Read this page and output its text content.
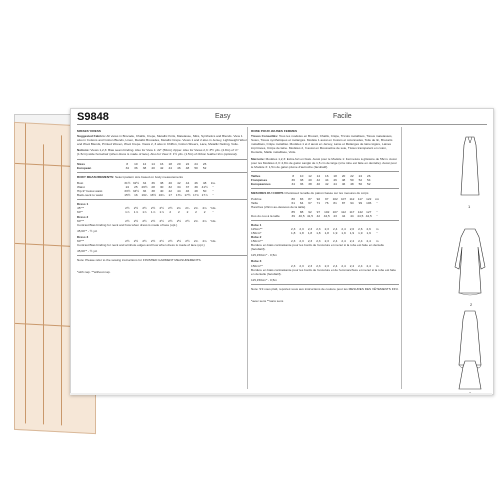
S9848	Easy	Facile
MISSES' DRESS
Suggested Fabrics: All views in Brocade, Challis, Crepe, Metallic Knits, Matelasse, Silks, Synthetics and Blends. View 1 also in Cottons and Cotton Blends, Linen, Metallic Brocades, Metallic Crepe. Views 1 and 2 also in Jersey, Lightweight Wool and Wool Blends, Printed Woven, Wool Crepe. Views 2, 3 also in Chiffon, Cotton Sheers, Lace, Metallic Netting, Voile.
Notions: Views 1,2,3: Bias seam binding. Also for View 1: 22" (56cm) zipper. Also for Views 2,3: 3⅘ yds. (2.8m) of ⅝" (1.5cm) wide horsehair (when dress is made of lace). Also for View 3: 1½ yds. (1.5m) of ribbon feather trim (optional).
Sizes	8	10	12	14	16	18	20	22	24	26
European	34	36	38	40	42	44	46	48	50	52
BODY MEASUREMENTS: Select pattern size based on body measurements
Bust	31½ 32½	34	36	38	40	42	44	46	48	Ins.
Waist	24	25	26½	28	30	32	34	37	39	41½	"
Hip-9" below waist	33½ 34½	36	38	40	42	44	46	48	50	"
Back-neck to waist	15½	16	16¼ 16½ 16¾	17	17¼ 17½ 17¾ 17⅞	"
Dress 1
45"**	2½	2½	2½	2½	2½	2½	2¾	2¾	2¾	2¾	Yds.
60"*	1⅞	1⅞	1⅞	1⅞	1⅞	2	2	2	2	2	"
Dress 2
60"**	2½	2½	2½	2½	2½	2½	2½	2½	2¾	2¾	Yds.
Contrast Bias binding for neck and how when dress is made of lace (opt.)
45,60"* - ½ yd.
Dress 3
60"**	2½	2½	2½	2½	2½	2½	2½	2½	2¾	2¾	Yds.
Contrast Bias binding for neck and armhole edges and how when dress is made of lace (opt.)
45,60"* - ½ yd.
Note: Please refer to the sewing instructions for FINISHED GARMENT MEASUREMENTS.
*with nap. **without nap.
ROBE POUR JEUNES FEMMES
Tissus Conseillés: Tous les modèles en Brocart, Challis, Crêpe, Tricots métallisés, Tissus matelassés, Soies, Tissus synthétiques et mélangés. Modèle 1 aussi en Cotons et cotonnades, Toile de lin, Brocarts métallisés, Crêpe métallisé. Modèles 1 et 2 aussi en Jersey, Laine et Mélanges de laine légère, Laines imprimées, Crêpe de laine. Modèles 2, 3 aussi en Mousseline de soie, Tissus transparent en coton, Dentelle, Maille métallisée, Voile.
Mercerie: Modèles 1,2,3: Extra-fort en biais. Aussi pour le Modèle 1: Fermeture à glissière de 56cm. Aussi pour les Modèles 2,3: 2,8m de galon sanglé de 1,5 cm de large (si la robe est faite en dentelle). Aussi pour le Modèle 3: 1,5m de galon plume d'autruche (facultatif).
Tailles	8	10	12	14	16	18	20	22	24	26
Françaises	36	38	40	42	44	46	48	50	52	54
Européennes	34	36	38	40	42	44	46	48	50	52
MESURES DU CORPS Choisissez la taille du patron basée sur les mesures du corps
Poitrine	80	83	87	92	97	102	107	112	117	122	cm
Taille	61	64	67	71	76	81	87	94	99	106	"
Hanches (23cm au-dessous de la taille)
85	88	92	97	102	107	112	117	122	127	"
Dos du cou à la taille	39	40,5 41,5	42	42,5	43	44	44	44,5 44,5	"
Robe 1
115cm**	2,3	2,3	2,3	2,3	2,3	2,4	2,4	2,6	2,6	2,6	m
150cm*	1,8	1,8	1,8	1,8	1,8	1,9	1,9	1,9	1,9	1,9	"
Robe 2
150cm**	2,3	2,3	2,3	2,3	2,3	2,4	2,4	2,4	2,4	2,4	m
Bordure en biais contrastante pour les bords de l'encolure et menul si la robe est faite en dentelle (facultatif).
115,150cm* - 0,5m
Robe 3
150cm**	2,3	2,3	2,3	2,3	2,3	2,4	2,4	2,4	2,4	2,4	m
Bordure en biais contrastante pour les bords de l'encolure et de l'emmanchure et menul si la robe est faite en dentelle (facultatif).
115,150cm* - 0,5m
Note: S'il vous plaît, reportez-vous aux instructions de couture pour les MESURES DES VÊTEMENTS FINI.
*avec sens **sans sens
1
2
